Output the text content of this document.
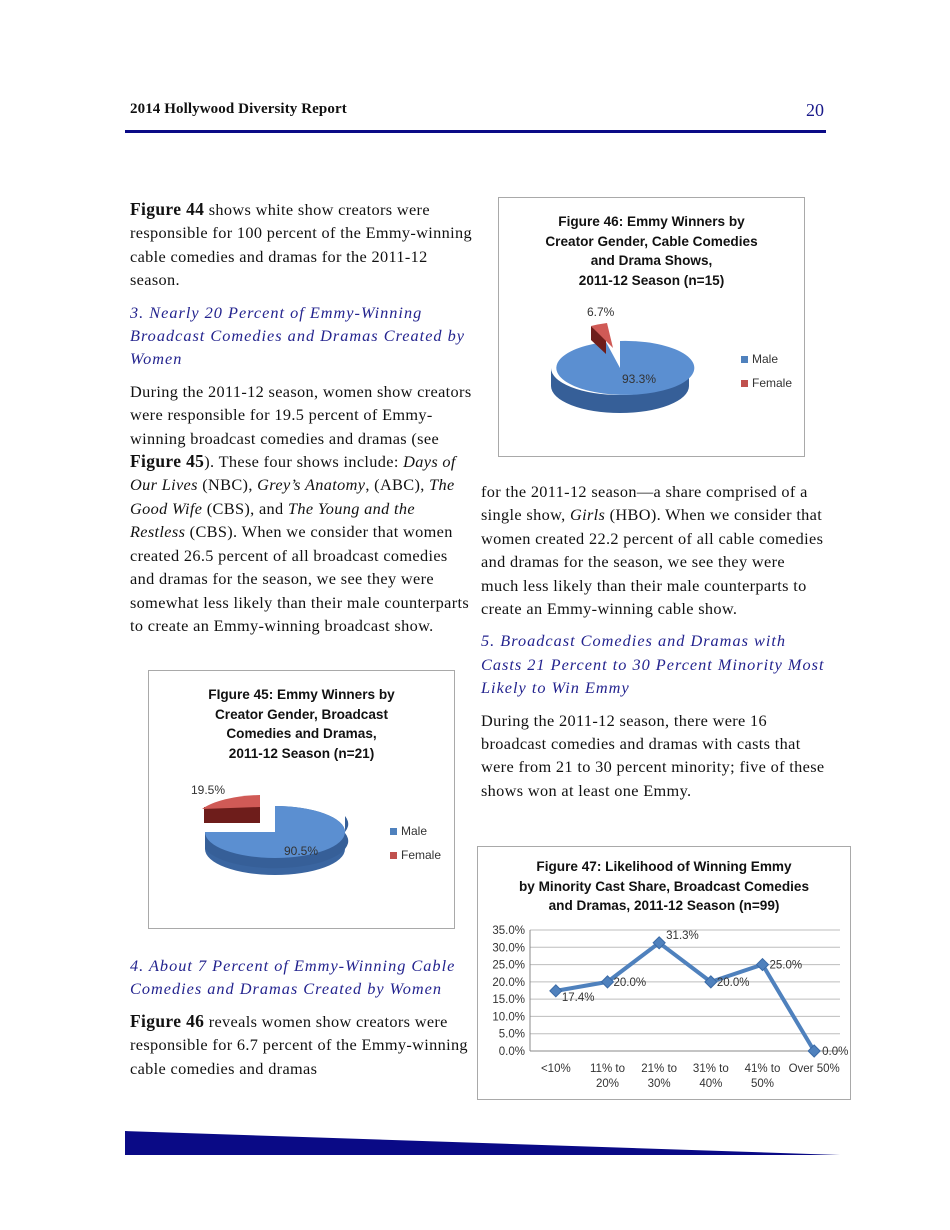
2014 Hollywood Diversity Report	20

Figure 44 shows white show creators were responsible for 100 percent of the Emmy-winning cable comedies and dramas for the 2011-12 season.

3. Nearly 20 Percent of Emmy-Winning Broadcast Comedies and Dramas Created by Women

During the 2011-12 season, women show creators were responsible for 19.5 percent of Emmy-winning broadcast comedies and dramas (see Figure 45). These four shows include: Days of Our Lives (NBC), Grey’s Anatomy, (ABC), The Good Wife (CBS), and The Young and the Restless (CBS). When we consider that women created 26.5 percent of all broadcast comedies and dramas for the season, we see they were somewhat less likely than their male counterparts to create an Emmy-winning broadcast show.

4. About 7 Percent of Emmy-Winning Cable Comedies and Dramas Created by Women

Figure 46 reveals women show creators were responsible for 6.7 percent of the Emmy-winning cable comedies and dramas

for the 2011-12 season—a share comprised of a single show, Girls (HBO). When we consider that women created 22.2 percent of all cable comedies and dramas for the season, we see they were much less likely than their male counterparts to create an Emmy-winning cable show.

5. Broadcast Comedies and Dramas with Casts 21 Percent to 30 Percent Minority Most Likely to Win Emmy

During the 2011-12 season, there were 16 broadcast comedies and dramas with casts that were from 21 to 30 percent minority; five of these shows won at least one Emmy.

FIgure 45: Emmy Winners by
Creator Gender, Broadcast
Comedies and Dramas,
2011-12 Season (n=21)
19.5%
90.5%
Male
Female
Figure 46: Emmy Winners by
Creator Gender, Cable Comedies
and Drama Shows,
2011-12 Season (n=15)
6.7%
93.3%
Male
Female
Figure 47: Likelihood of Winning Emmy
by Minority Cast Share, Broadcast Comedies
and Dramas, 2011-12 Season (n=99)
0.0%
5.0%
10.0%
15.0%
20.0%
25.0%
30.0%
35.0%
<10% 11% to
20%
21% to
30%
31% to
40%
41% to
50%
Over 50%
17.4%
20.0%
31.3%
20.0%
25.0%
0.0%
